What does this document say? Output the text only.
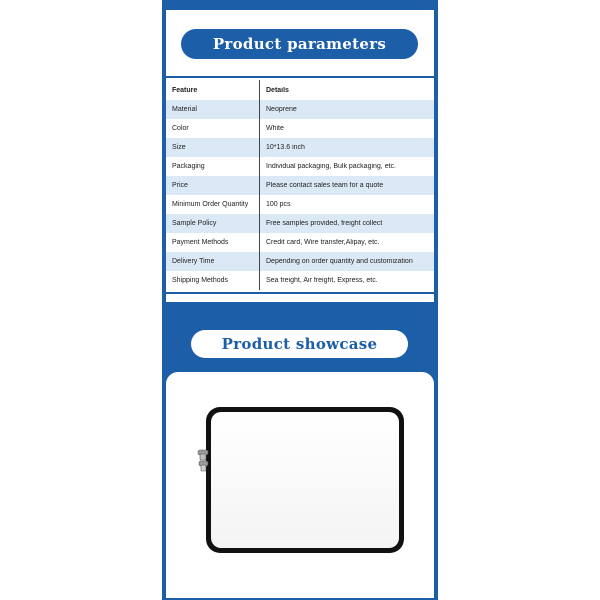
Product parameters
Feature	Details
Material	Neoprene
Color	White
Size	10*13.6 inch
Packaging	Individual packaging, Bulk packaging, etc.
Price	Please contact sales team for a quote
Minimum Order Quantity	100 pcs
Sample Policy	Free samples provided, freight collect
Payment Methods	Credit card, Wire transfer,Alipay, etc.
Delivery Time	Depending on order quantity and customization
Shipping Methods	Sea freight, Air freight, Express, etc.
Product showcase
